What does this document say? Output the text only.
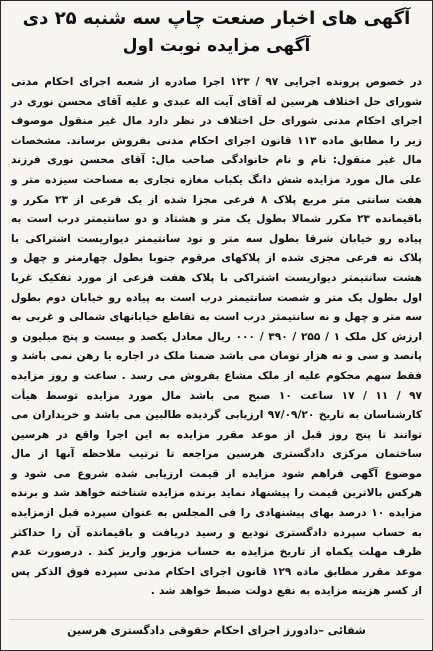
آگهی های اخبار صنعت چاپ سه شنبه ۲۵ دی
آگهی مزایده نوبت اول

در خصوص پرونده اجرایی ۹۷ / ۱۲۳ اجرا صادره از شعبه اجرای احکام مدنی شورای حل اختلاف هرسین له آقای آیت اله عبدی و علیه آقای محسن نوری در اجرای احکام مدنی شورای حل اختلاف در نظر دارد مال غیر منقول موصوف زیر را مطابق ماده ۱۱۳ قانون اجرای احکام مدنی بفروش برساند. مشخصات مال غیر منقول: نام و نام خانوادگی صاحب مال: آقای محسن نوری فرزند علی مال مورد مزایده شش دانگ یکباب مغازه تجاری به مساحت سیزده متر و هفت سانتی متر مربع پلاک ۸ فرعی مجزا شده از یک فرعی از ۲۳ مکرر و باقیمانده ۲۳ مکرر شمالا بطول یک متر و هشتاد و دو سانتیمتر درب است به پیاده رو خیابان شرقا بطول سه متر و نود سانتیمتر دیواریست اشتراکی با پلاک نه فرعی مجزی شده از پلاکهای مرقوم جنوبا بطول چهارمتر و چهل و هشت سانتیمتر دیواریست اشتراکی با پلاک هفت فرعی از مورد تفکیک غربا اول بطول یک متر و شصت سانتیمتر درب است به پیاده رو خیابان دوم بطول سه متر و چهل و نه سانتیمتر درب است به تقاطع خیابانهای شمالی و غربی به ارزش کل ملک ۱ / ۲۵۵ / ۳۹۰ / ۰۰۰ ریال معادل یکصد و بیست و پنج میلیون و پانصد و سی و نه هزار تومان می باشد ضمنا ملک در اجاره یا رهن نمی باشد و فقط سهم محکوم علیه از ملک مشاع بفروش می رسد . ساعت و روز مزایده ۹۷ / ۱۱ / ۱۷ ساعت ۱۰ صبح می باشد مال مورد مزایده توسط هیأت کارشناسان به تاریخ ۹۷/۰۹/۲۰ ارزیابی گردیده طالبین می باشد و خریداران می توانند تا پنج روز قبل از موعد مقرر مزایده به این اجرا واقع در هرسین ساختمان مرکزی دادگستری هرسین مراجعه تا ترتیب ملاحظه آنها از مال موضوع آگهی فراهم شود مزایده از قیمت ارزیابی شده شروع می شود و هرکس بالاترین قیمت را پیشنهاد نماید برنده مزایده شناخته خواهد شد و برنده مزایده ۱۰ درصد بهای پیشنهادی را فی المجلس به عنوان سپرده قبل ازمزایده به حساب سپرده دادگستری تودیع و رسید دریافت و باقیمانده آن را حداکثر ظرف مهلت یکماه از تاریخ مزایده به حساب مزبور واریز کند . درصورت عدم موعد مقرر مطابق ماده ۱۲۹ قانون اجرای احکام مدنی سپرده فوق الذکر پس از کسر هزینه مزایده به نفع دولت ضبط خواهد شد .

شفائی –دادورز اجرای احکام حقوقی دادگستری هرسین
